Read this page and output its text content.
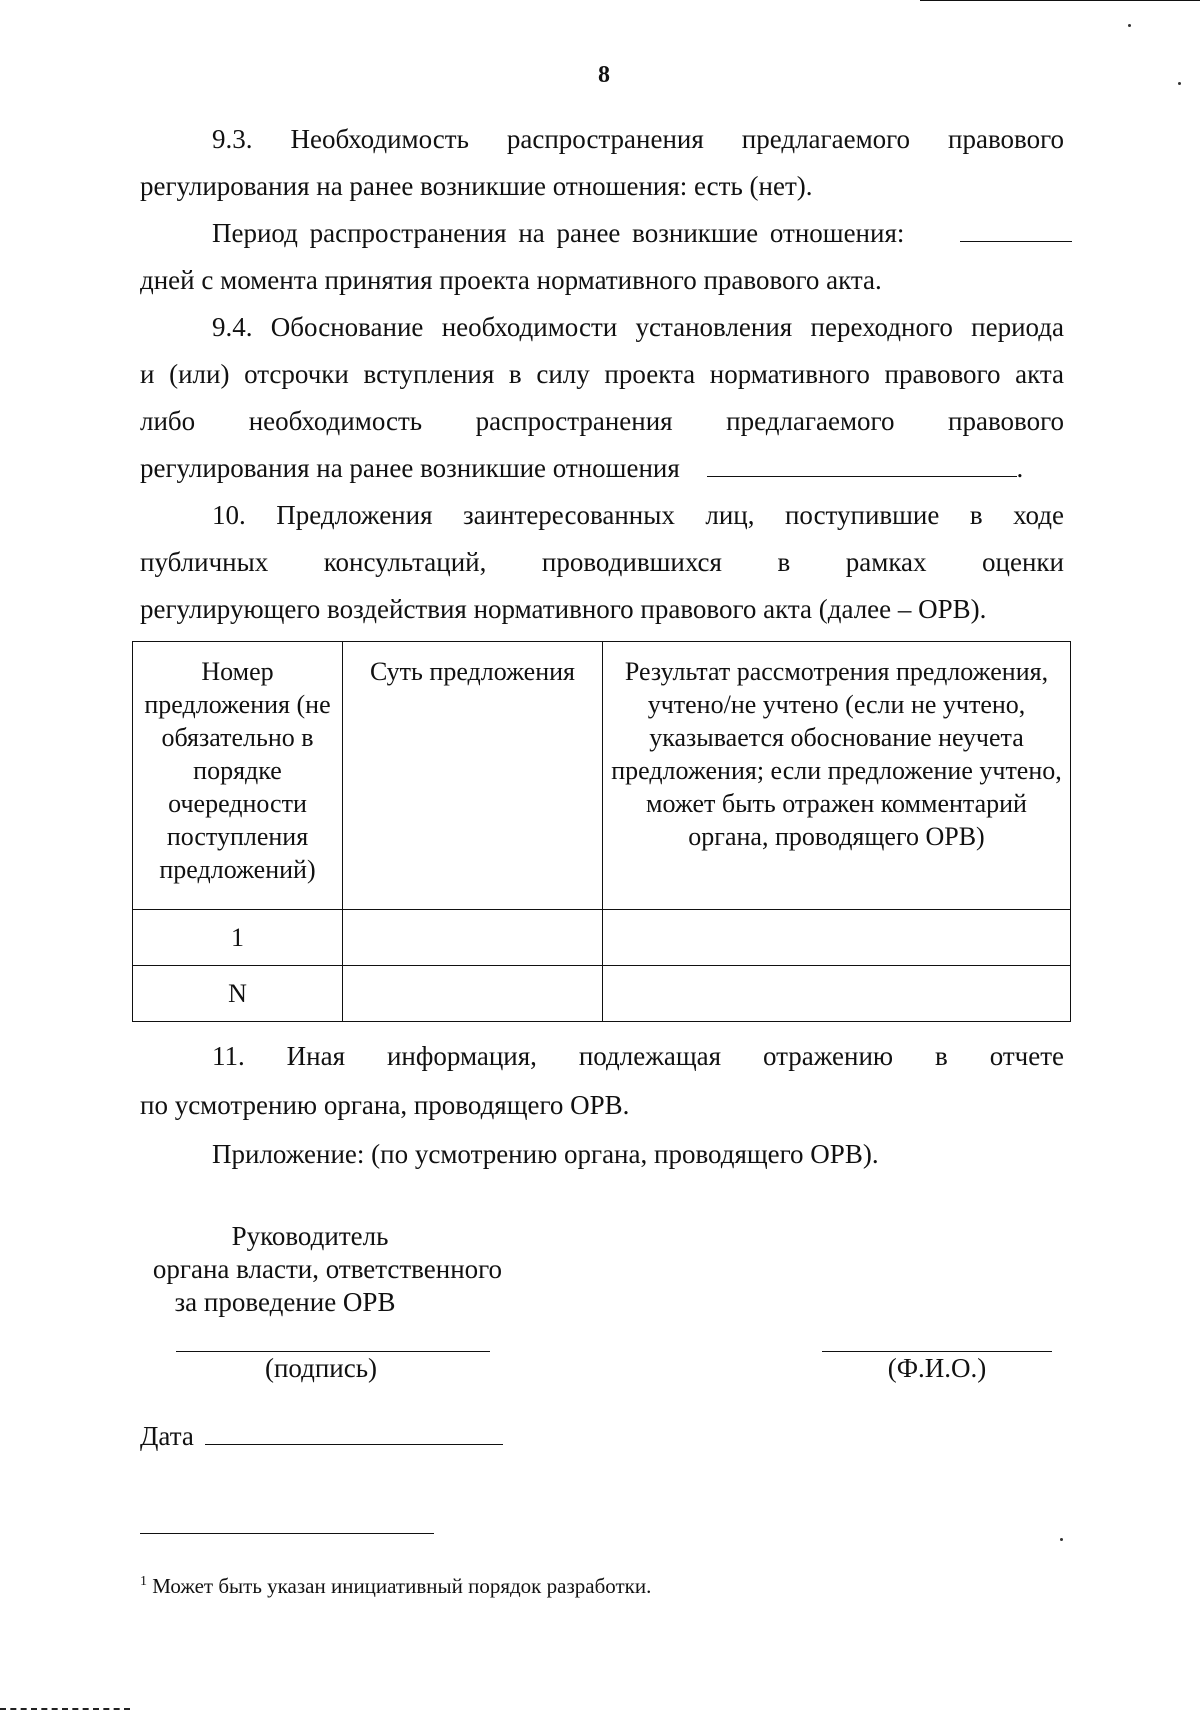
8
9.3. Необходимость распространения предлагаемого правового
регулирования на ранее возникшие отношения: есть (нет).
Период распространения на ранее возникшие отношения:
дней с момента принятия проекта нормативного правового акта.
9.4. Обоснование необходимости установления переходного периода
и (или) отсрочки вступления в силу проекта нормативного правового акта
либо необходимость распространения предлагаемого правового
регулирования на ранее возникшие отношения	.
10. Предложения заинтересованных лиц, поступившие в ходе
публичных консультаций, проводившихся в рамках оценки
регулирующего воздействия нормативного правового акта (далее – ОРВ).
Номер предложения (не обязательно в порядке очередности поступления предложений)	Суть предложения	Результат рассмотрения предложения, учтено/не учтено (если не учтено, указывается обоснование неучета предложения; если предложение учтено, может быть отражен комментарий органа, проводящего ОРВ)
1		
N		
11. Иная информация, подлежащая отражению в отчете
по усмотрению органа, проводящего ОРВ.
Приложение: (по усмотрению органа, проводящего ОРВ).
Руководитель
органа власти, ответственного
за проведение ОРВ
(подпись)	(Ф.И.О.)
Дата
$^1$ Может быть указан инициативный порядок разработки.
